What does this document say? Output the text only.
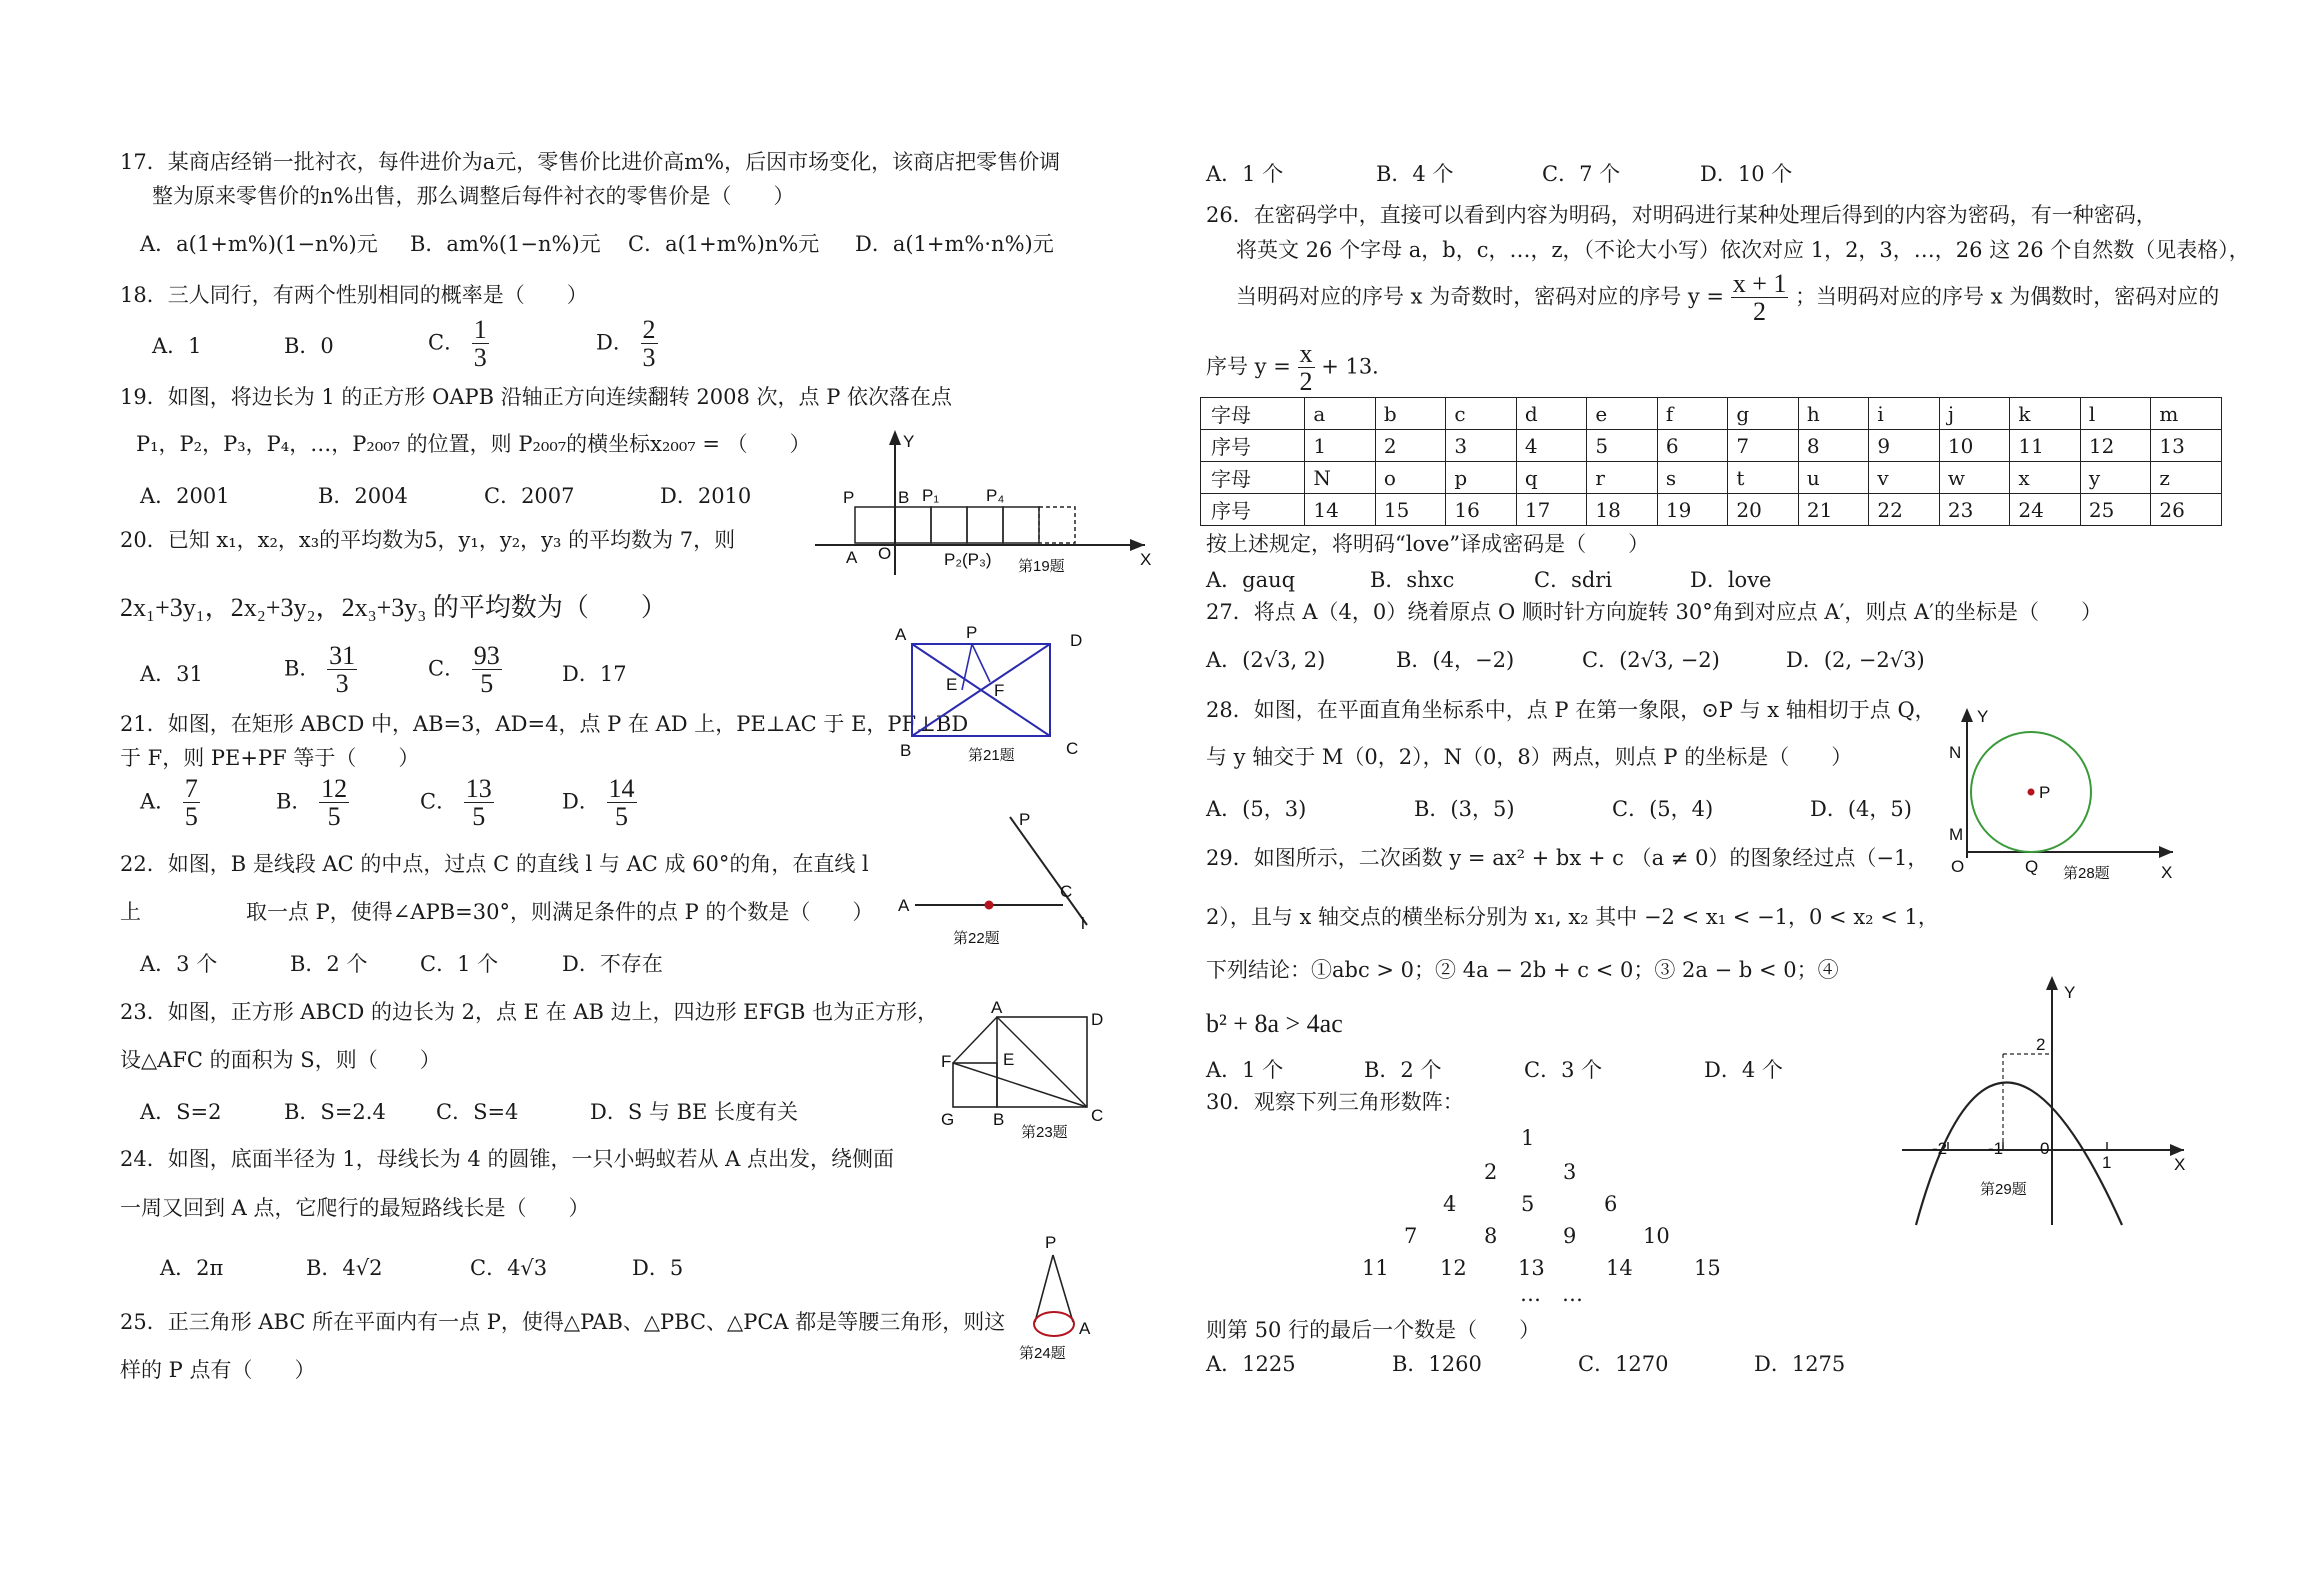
17．某商店经销一批衬衣，每件进价为a元，零售价比进价高m%，后因市场变化，该商店把零售价调
整为原来零售价的n%出售，那么调整后每件衬衣的零售价是（　　）
A．a(1+m%)(1−n%)元 B．am%(1−n%)元 C．a(1+m%)n%元 D．a(1+m%·n%)元
18．三人同行，有两个性别相同的概率是（　　）
A．1	B．0	C． $\frac{1}{3}$	D． $\frac{2}{3}$
19．如图，将边长为 1 的正方形 OAPB 沿轴正方向连续翻转 2008 次，点 P 依次落在点
P₁，P₂，P₃，P₄，…，P₂₀₀₇ 的位置，则 P₂₀₀₇的横坐标x₂₀₀₇ = （　　）
A．2001	B．2004	C．2007	D．2010
Y
P	B P₁	P₄
A O	P₂(P₃) 第19题	X
20．已知 x₁，x₂，x₃的平均数为5，y₁，y₂，y₃ 的平均数为 7，则
2x₁+3y₁，2x₂+3y₂，2x₃+3y₃ 的平均数为（　　）
A．31	B． $\frac{31}{3}$	C． $\frac{93}{5}$	D．17
21．如图，在矩形 ABCD 中，AB=3，AD=4，点 P 在 AD 上，PE⊥AC 于 E，PF⊥BD
于 F，则 PE+PF 等于（　　）
A． $\frac{7}{5}$	B． $\frac{12}{5}$	C． $\frac{13}{5}$	D． $\frac{14}{5}$
A	P	D
E F
B	第21题	C
22．如图，B 是线段 AC 的中点，过点 C 的直线 l 与 AC 成 60°的角，在直线 l
上　　　　　取一点 P，使得∠APB=30°，则满足条件的点 P 的个数是（　　）
A．3 个	B．2 个	C．1 个	D．不存在
P
A
C
l
第22题
23．如图，正方形 ABCD 的边长为 2，点 E 在 AB 边上，四边形 EFGB 也为正方形，
设△AFC 的面积为 S，则（　　）
A．S=2	B．S=2.4 C．S=4	D．S 与 BE 长度有关
A
D
F	E
G B	C
第23题
24．如图，底面半径为 1，母线长为 4 的圆锥，一只小蚂蚁若从 A 点出发，绕侧面
一周又回到 A 点，它爬行的最短路线长是（　　）
A．2π	B．4√2	C．4√3	D．5
P
A
第24题
25．正三角形 ABC 所在平面内有一点 P，使得△PAB、△PBC、△PCA 都是等腰三角形，则这
样的 P 点有（　　）
A．1 个	B．4 个	C．7 个	D．10 个
26．在密码学中，直接可以看到内容为明码，对明码进行某种处理后得到的内容为密码，有一种密码，
将英文 26 个字母 a，b，c，…，z，（不论大小写）依次对应 1，2，3，…，26 这 26 个自然数（见表格），
当明码对应的序号 x 为奇数时，密码对应的序号 $y = \frac{x + 1}{2}$ ；当明码对应的序号 x 为偶数时，密码对应的
序号 $y = \frac{x}{2} + 13$．
字母	a	b	c	d	e	f	g	h	i	j	k	l	m
序号	1	2	3	4	5	6	7	8	9	10	11	12	13
字母	N	o	p	q	r	s	t	u	v	w	x	y	z
序号	14	15	16	17	18	19	20	21	22	23	24	25	26
按上述规定，将明码“love”译成密码是（　　）
A．gauq	B．shxc	C．sdri	D．love
27．将点 A（4，0）绕着原点 O 顺时针方向旋转 30°角到对应点 A′，则点 A′的坐标是（　　）
A．(2√3, 2)	B．(4，−2)	C．(2√3, −2)	D．(2, −2√3)
28．如图，在平面直角坐标系中，点 P 在第一象限，⊙P 与 x 轴相切于点 Q，
与 y 轴交于 M（0，2），N（0，8）两点，则点 P 的坐标是（　　）
A．(5，3)	B．(3，5)	C．(5，4)	D．(4，5)
Y
N
P
M
O	Q 第28题	X
29．如图所示，二次函数 y = ax² + bx + c （a ≠ 0）的图象经过点（−1，
2），且与 x 轴交点的横坐标分别为 x₁, x₂ 其中 −2 < x₁ < −1，0 < x₂ < 1，
下列结论：①abc > 0；② 4a − 2b + c < 0；③ 2a − b < 0；④
b² + 8a > 4ac
A．1 个	B．2 个	C．3 个	D．4 个
Y
2
-2 -1 0
1	X
第29题
30．观察下列三角形数阵：
1
2	3
4	5	6
7	8	9	10
11 12 13	14	15
…　…
则第 50 行的最后一个数是（　　）
A．1225	B．1260	C．1270	D．1275
